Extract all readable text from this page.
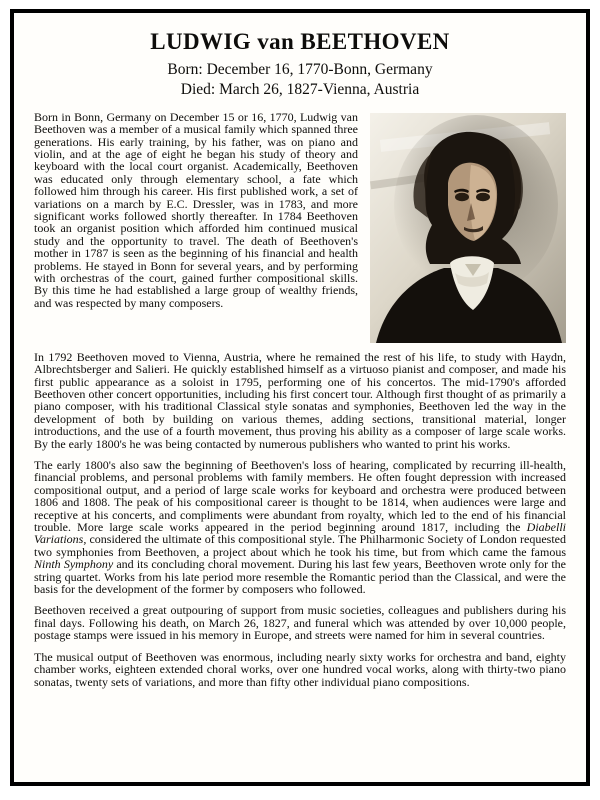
LUDWIG van BEETHOVEN
Born: December 16, 1770-Bonn, Germany
Died: March 26, 1827-Vienna, Austria

Born in Bonn, Germany on December 15 or 16, 1770, Ludwig van Beethoven was a member of a musical family which spanned three generations. His early training, by his father, was on piano and violin, and at the age of eight he began his study of theory and keyboard with the local court organist. Academically, Beethoven was educated only through elementary school, a fate which followed him through his career. His first published work, a set of variations on a march by E.C. Dressler, was in 1783, and more significant works followed shortly thereafter. In 1784 Beethoven took an organist position which afforded him continued musical study and the opportunity to travel. The death of Beethoven's mother in 1787 is seen as the beginning of his financial and health problems. He stayed in Bonn for several years, and by performing with orchestras of the court, gained further compositional skills. By this time he had established a large group of wealthy friends, and was respected by many composers.

In 1792 Beethoven moved to Vienna, Austria, where he remained the rest of his life, to study with Haydn, Albrechtsberger and Salieri. He quickly established himself as a virtuoso pianist and composer, and made his first public appearance as a soloist in 1795, performing one of his concertos. The mid-1790's afforded Beethoven other concert opportunities, including his first concert tour. Although first thought of as primarily a piano composer, with his traditional Classical style sonatas and symphonies, Beethoven led the way in the development of both by building on various themes, adding sections, transitional material, longer introductions, and the use of a fourth movement, thus proving his ability as a composer of large scale works. By the early 1800's he was being contacted by numerous publishers who wanted to print his works.

The early 1800's also saw the beginning of Beethoven's loss of hearing, complicated by recurring ill-health, financial problems, and personal problems with family members. He often fought depression with increased compositional output, and a period of large scale works for keyboard and orchestra were produced between 1806 and 1808. The peak of his compositional career is thought to be 1814, when audiences were large and receptive at his concerts, and compliments were abundant from royalty, which led to the end of his financial trouble. More large scale works appeared in the period beginning around 1817, including the Diabelli Variations, considered the ultimate of this compositional style. The Philharmonic Society of London requested two symphonies from Beethoven, a project about which he took his time, but from which came the famous Ninth Symphony and its concluding choral movement. During his last few years, Beethoven wrote only for the string quartet. Works from his late period more resemble the Romantic period than the Classical, and were the basis for the development of the former by composers who followed.

Beethoven received a great outpouring of support from music societies, colleagues and publishers during his final days. Following his death, on March 26, 1827, and funeral which was attended by over 10,000 people, postage stamps were issued in his memory in Europe, and streets were named for him in several countries.

The musical output of Beethoven was enormous, including nearly sixty works for orchestra and band, eighty chamber works, eighteen extended choral works, over one hundred vocal works, along with thirty-two piano sonatas, twenty sets of variations, and more than fifty other individual piano compositions.
